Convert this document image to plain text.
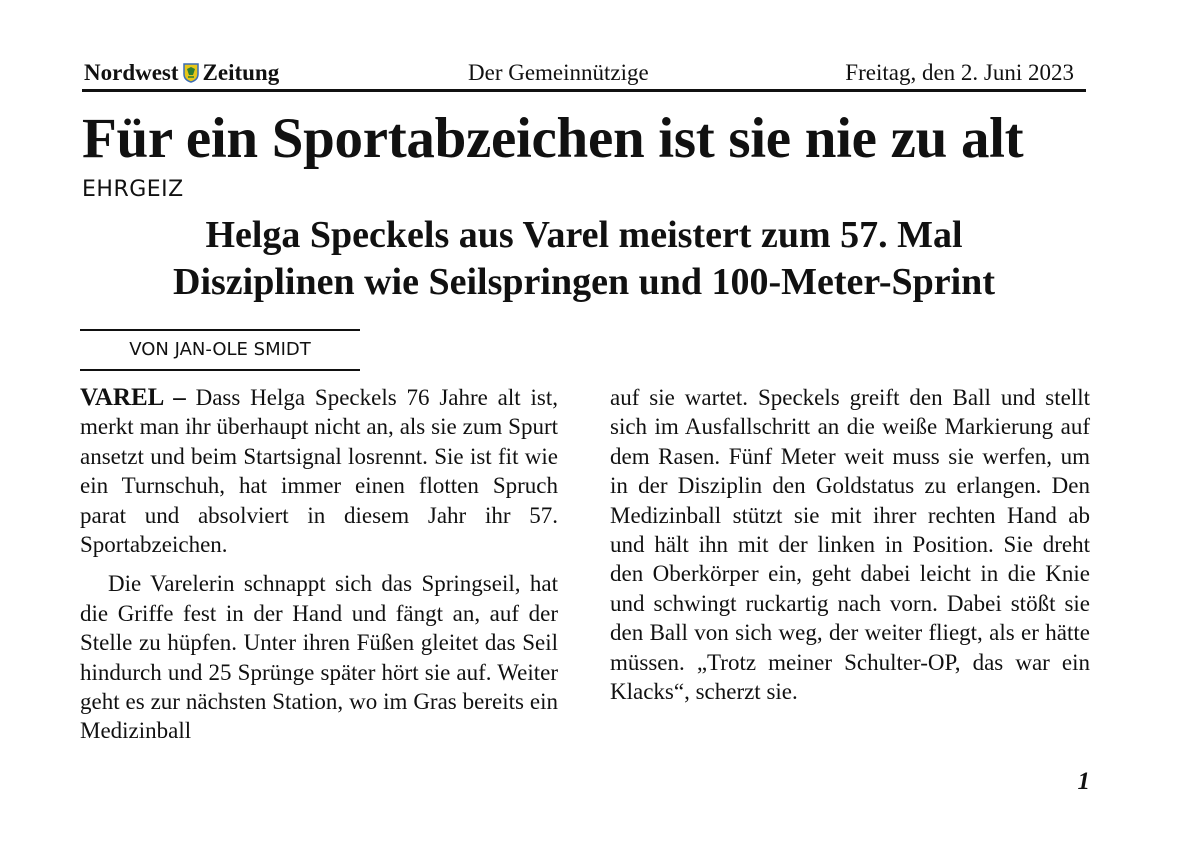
Nordwest Zeitung	Der Gemeinnützige	Freitag, den 2. Juni 2023
Für ein Sportabzeichen ist sie nie zu alt
EHRGEIZ
Helga Speckels aus Varel meistert zum 57. Mal
Disziplinen wie Seilspringen und 100-Meter-Sprint
VON JAN-OLE SMIDT

VAREL – Dass Helga Speckels 76 Jahre alt ist, merkt man ihr überhaupt nicht an, als sie zum Spurt ansetzt und beim Startsignal losrennt. Sie ist fit wie ein Turnschuh, hat immer einen flotten Spruch parat und absolviert in diesem Jahr ihr 57. Sportabzeichen.

Die Varelerin schnappt sich das Springseil, hat die Griffe fest in der Hand und fängt an, auf der Stelle zu hüpfen. Unter ihren Füßen gleitet das Seil hindurch und 25 Sprünge später hört sie auf. Weiter geht es zur nächsten Station, wo im Gras bereits ein Medizinball

auf sie wartet. Speckels greift den Ball und stellt sich im Ausfallschritt an die weiße Markierung auf dem Rasen. Fünf Meter weit muss sie werfen, um in der Disziplin den Goldstatus zu erlangen. Den Medizinball stützt sie mit ihrer rechten Hand ab und hält ihn mit der linken in Position. Sie dreht den Oberkörper ein, geht dabei leicht in die Knie und schwingt ruckartig nach vorn. Dabei stößt sie den Ball von sich weg, der weiter fliegt, als er hätte müssen. „Trotz meiner Schulter-OP, das war ein Klacks“, scherzt sie.

1
